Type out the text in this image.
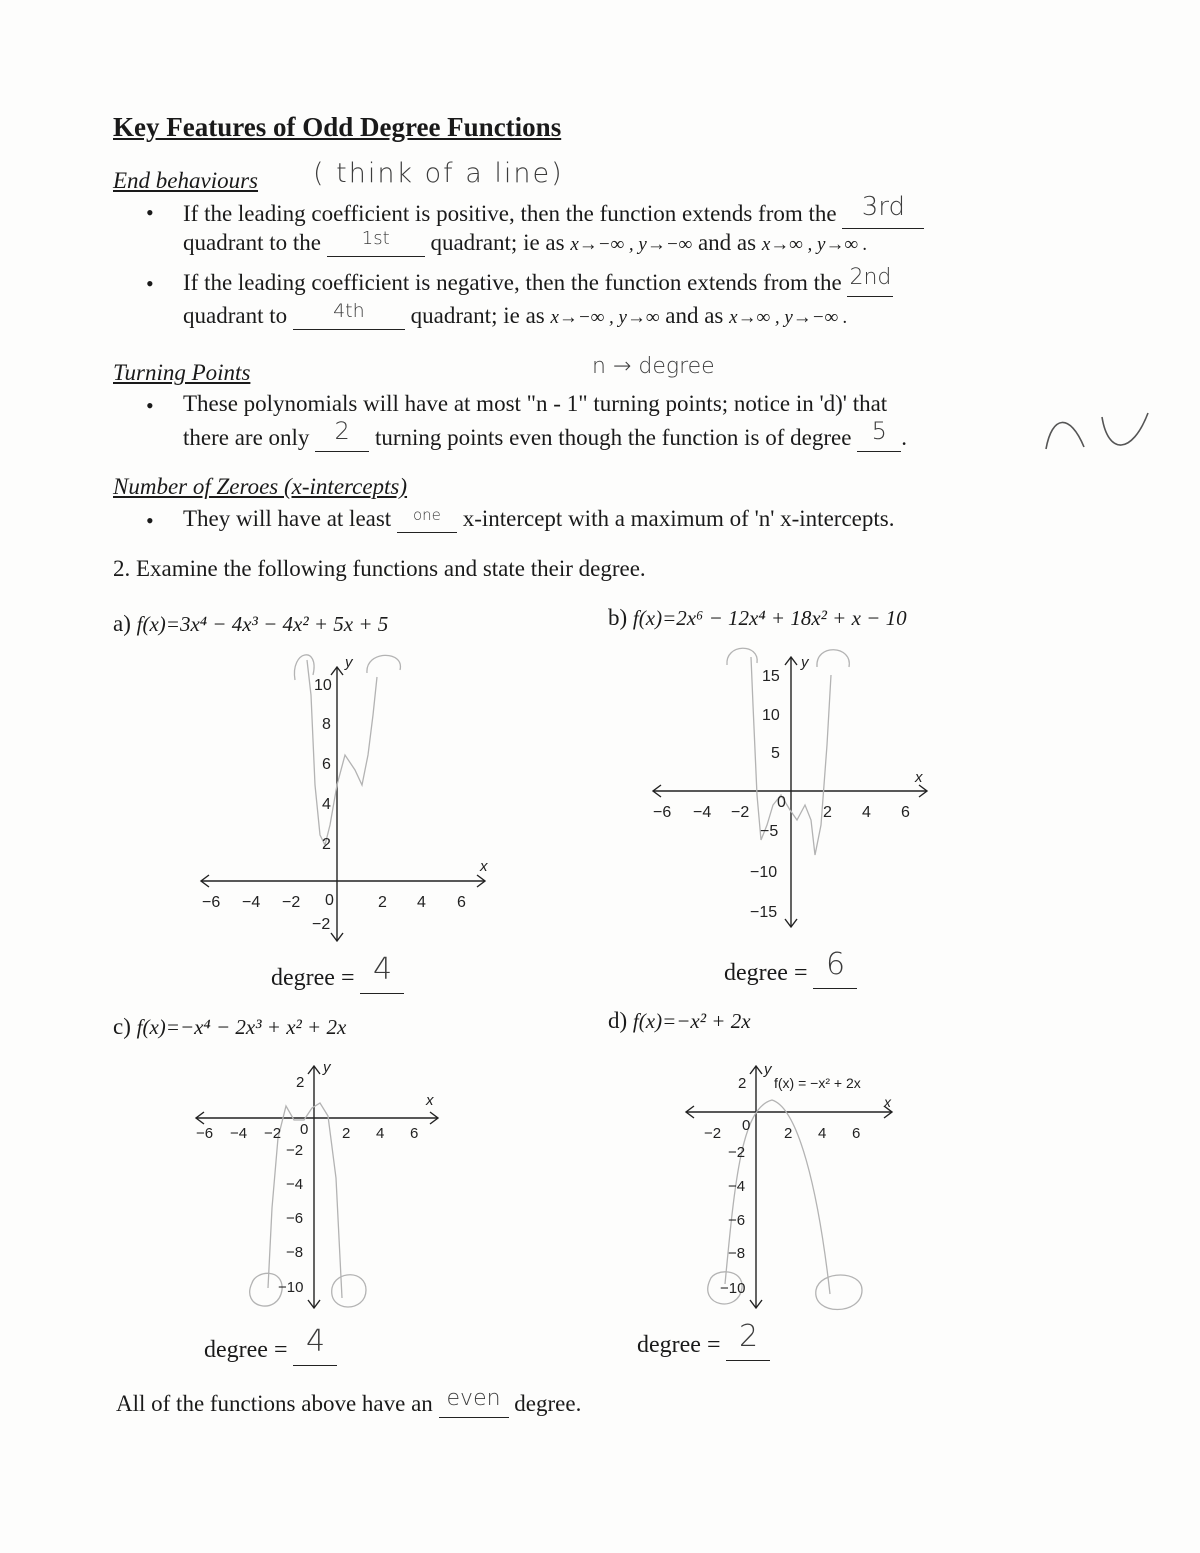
Key Features of Odd Degree Functions
End behaviours ( think of a line)
• If the leading coefficient is positive, then the function extends from the 3rd
quadrant to the $^{1st}$ quadrant; ie as x→−∞ , y→−∞ and as x→∞ , y→∞ .
• If the leading coefficient is negative, then the function extends from the 2nd
quadrant to $^{4th}$ quadrant; ie as x→−∞ , y→∞ and as x→∞ , y→−∞ .
Turning Points	n → degree
• These polynomials will have at most "n - 1" turning points; notice in 'd)' that
there are only 2 turning points even though the function is of degree 5 .
Number of Zeroes (x-intercepts)
• They will have at least $^{one}$ x-intercept with a maximum of 'n' x-intercepts.
2. Examine the following functions and state their degree.
a) f(x)=3x⁴ − 4x³ − 4x² + 5x + 5	b) f(x)=2x⁶ − 12x⁴ + 18x² + x − 10
c) f(x)=−x⁴ − 2x³ + x² + 2x	d) f(x)=−x² + 2x
x
y
−6 −4 −2 0	2 4 6
10
8
6
4
2
−2
x
y
−6 −4 −2
0
2 4 6
15
10
5
−5
−10
−15
degree = 4	degree = 6
x
y
−6 −4 −2 0 2 4 6
2
−2
−4
−6
−8
−10
x
y
f(x) = −x² + 2x
−2 0 2 4 6
2
−2
−4
−6
−8
−10
degree = 4	degree = 2
All of the functions above have an even degree.
